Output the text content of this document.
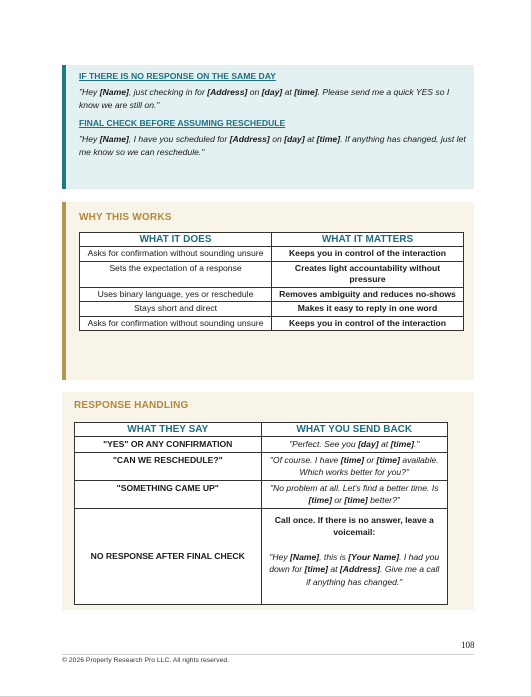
IF THERE IS NO RESPONSE ON THE SAME DAY

"Hey [Name], just checking in for [Address] on [day] at [time]. Please send me a quick YES so I know we are still on."

FINAL CHECK BEFORE ASSUMING RESCHEDULE

"Hey [Name], I have you scheduled for [Address] on [day] at [time]. If anything has changed, just let me know so we can reschedule."

WHY THIS WORKS

WHAT IT DOES	WHAT IT MATTERS
Asks for confirmation without sounding unsure	Keeps you in control of the interaction
Sets the expectation of a response	Creates light accountability without pressure
Uses binary language, yes or reschedule	Removes ambiguity and reduces no-shows
Stays short and direct	Makes it easy to reply in one word
Asks for confirmation without sounding unsure	Keeps you in control of the interaction

RESPONSE HANDLING

WHAT THEY SAY	WHAT YOU SEND BACK
"YES" OR ANY CONFIRMATION	"Perfect. See you [day] at [time]."
"CAN WE RESCHEDULE?"	"Of course. I have [time] or [time] available. Which works better for you?"
"SOMETHING CAME UP"	"No problem at all. Let's find a better time. Is [time] or [time] better?"
NO RESPONSE AFTER FINAL CHECK	Call once. If there is no answer, leave a voicemail:
"Hey [Name], this is [Your Name]. I had you down for [time] at [Address]. Give me a call if anything has changed."
108
© 2026 Property Research Pro LLC. All rights reserved.
